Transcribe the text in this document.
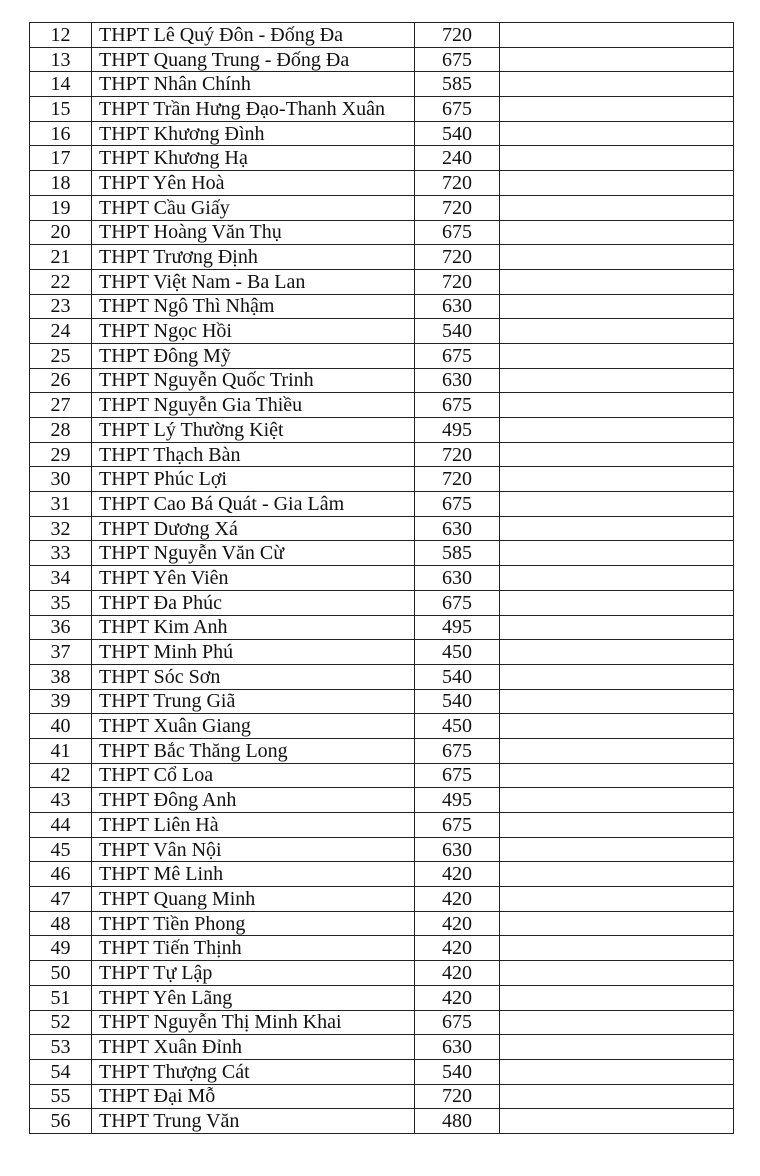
12	THPT Lê Quý Đôn - Đống Đa	720	
13	THPT Quang Trung - Đống Đa	675	
14	THPT Nhân Chính	585	
15	THPT Trần Hưng Đạo-Thanh Xuân	675	
16	THPT Khương Đình	540	
17	THPT Khương Hạ	240	
18	THPT Yên Hoà	720	
19	THPT Cầu Giấy	720	
20	THPT Hoàng Văn Thụ	675	
21	THPT Trương Định	720	
22	THPT Việt Nam - Ba Lan	720	
23	THPT Ngô Thì Nhậm	630	
24	THPT Ngọc Hồi	540	
25	THPT Đông Mỹ	675	
26	THPT Nguyễn Quốc Trinh	630	
27	THPT Nguyễn Gia Thiều	675	
28	THPT Lý Thường Kiệt	495	
29	THPT Thạch Bàn	720	
30	THPT Phúc Lợi	720	
31	THPT Cao Bá Quát - Gia Lâm	675	
32	THPT Dương Xá	630	
33	THPT Nguyễn Văn Cừ	585	
34	THPT Yên Viên	630	
35	THPT Đa Phúc	675	
36	THPT Kim Anh	495	
37	THPT Minh Phú	450	
38	THPT Sóc Sơn	540	
39	THPT Trung Giã	540	
40	THPT Xuân Giang	450	
41	THPT Bắc Thăng Long	675	
42	THPT Cổ Loa	675	
43	THPT Đông Anh	495	
44	THPT Liên Hà	675	
45	THPT Vân Nội	630	
46	THPT Mê Linh	420	
47	THPT Quang Minh	420	
48	THPT Tiền Phong	420	
49	THPT Tiến Thịnh	420	
50	THPT Tự Lập	420	
51	THPT Yên Lãng	420	
52	THPT Nguyễn Thị Minh Khai	675	
53	THPT Xuân Đỉnh	630	
54	THPT Thượng Cát	540	
55	THPT Đại Mỗ	720	
56	THPT Trung Văn	480	
